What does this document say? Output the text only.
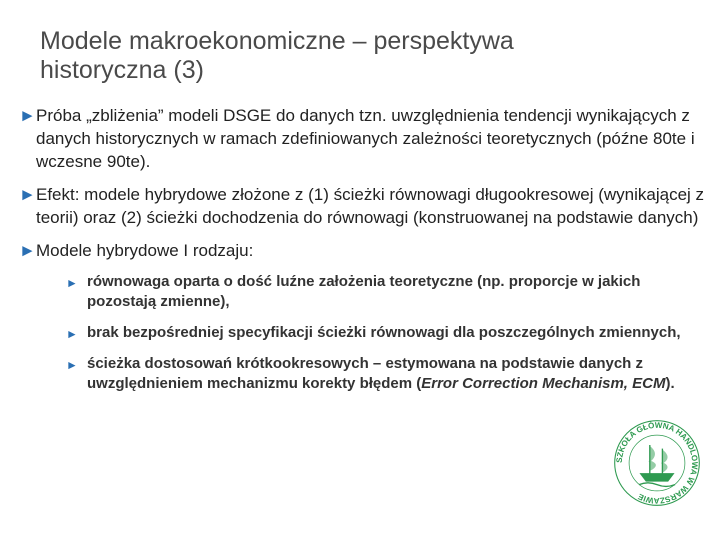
Modele makroekonomiczne – perspektywa
historyczna (3)
► Próba „zbliżenia” modeli DSGE do danych tzn. uwzględnienia tendencji wynikających z danych historycznych w ramach zdefiniowanych zależności teoretycznych (późne 80te i wczesne 90te).
► Efekt: modele hybrydowe złożone z (1) ścieżki równowagi długookresowej (wynikającej z teorii) oraz (2) ścieżki dochodzenia do równowagi (konstruowanej na podstawie danych)
► Modele hybrydowe I rodzaju:
► równowaga oparta o dość luźne założenia teoretyczne (np. proporcje w jakich pozostają zmienne),
► brak bezpośredniej specyfikacji ścieżki równowagi dla poszczególnych zmiennych,
► ścieżka dostosowań krótkookresowych – estymowana na podstawie danych z uwzględnieniem mechanizmu korekty błędem (Error Correction Mechanism, ECM).
SZKOŁA GŁÓWNA HANDLOWA W WARSZAWIE
